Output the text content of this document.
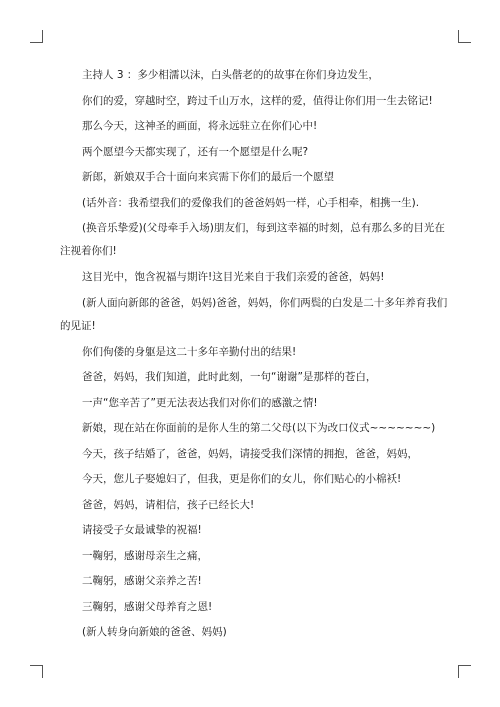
主持人 3 ：多少相濡以沫，白头偕老的的故事在你们身边发生，

你们的爱，穿越时空，跨过千山万水，这样的爱，值得让你们用一生去铭记!

那么今天，这神圣的画面，将永远驻立在你们心中!

两个愿望今天都实现了，还有一个愿望是什么呢?

新郎，新娘双手合十面向来宾需下你们的最后一个愿望

(话外音：我希望我们的爱像我们的爸爸妈妈一样，心手相牵，相携一生).

(换音乐挚爱)(父母牵手入场)朋友们，每到这幸福的时刻，总有那么多的目光在注视着你们!

这目光中，饱含祝福与期许!这目光来自于我们亲爱的爸爸，妈妈!

(新人面向新郎的爸爸，妈妈)爸爸，妈妈，你们两鬓的白发是二十多年养育我们的见证!

你们佝偻的身躯是这二十多年辛勤付出的结果!

爸爸，妈妈，我们知道，此时此刻，一句“谢谢”是那样的苍白，

一声“您辛苦了”更无法表达我们对你们的感激之情!

新娘，现在站在你面前的是你人生的第二父母(以下为改口仪式~~~~~~~)

今天，孩子结婚了，爸爸，妈妈，请接受我们深情的拥抱，爸爸，妈妈，

今天，您儿子娶媳妇了，但我，更是你们的女儿，你们贴心的小棉袄!

爸爸，妈妈，请相信，孩子已经长大!

请接受子女最诚挚的祝福!

一鞠躬，感谢母亲生之痛，

二鞠躬，感谢父亲养之苦!

三鞠躬，感谢父母养育之恩!

(新人转身向新娘的爸爸、妈妈)
